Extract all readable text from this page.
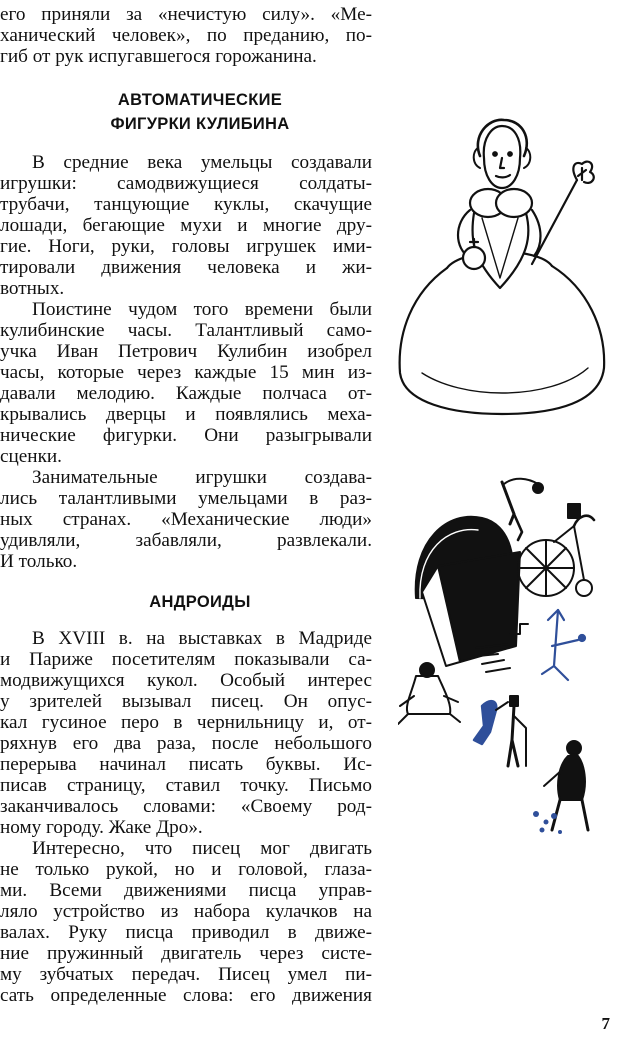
его приняли за «нечистую силу». «Ме-
ханический человек», по преданию, по-
гиб от рук испугавшегося горожанина.
АВТОМАТИЧЕСКИЕ
ФИГУРКИ КУЛИБИНА
В средние века умельцы создавали
игрушки: самодвижущиеся солдаты-
трубачи, танцующие куклы, скачущие
лошади, бегающие мухи и многие дру-
гие. Ноги, руки, головы игрушек ими-
тировали движения человека и жи-
вотных.
Поистине чудом того времени были
кулибинские часы. Талантливый само-
учка Иван Петрович Кулибин изобрел
часы, которые через каждые 15 мин из-
давали мелодию. Каждые полчаса от-
крывались дверцы и появлялись меха-
нические фигурки. Они разыгрывали
сценки.
Занимательные игрушки создава-
лись талантливыми умельцами в раз-
ных странах. «Механические люди»
удивляли, забавляли, развлекали.
И только.
АНДРОИДЫ
В XVIII в. на выставках в Мадриде
и Париже посетителям показывали са-
модвижущихся кукол. Особый интерес
у зрителей вызывал писец. Он опус-
кал гусиное перо в чернильницу и, от-
ряхнув его два раза, после небольшого
перерыва начинал писать буквы. Ис-
писав страницу, ставил точку. Письмо
заканчивалось словами: «Своему род-
ному городу. Жаке Дро».
Интересно, что писец мог двигать
не только рукой, но и головой, глаза-
ми. Всеми движениями писца управ-
ляло устройство из набора кулачков на
валах. Руку писца приводил в движе-
ние пружинный двигатель через систе-
му зубчатых передач. Писец умел пи-
сать определенные слова: его движения
7
